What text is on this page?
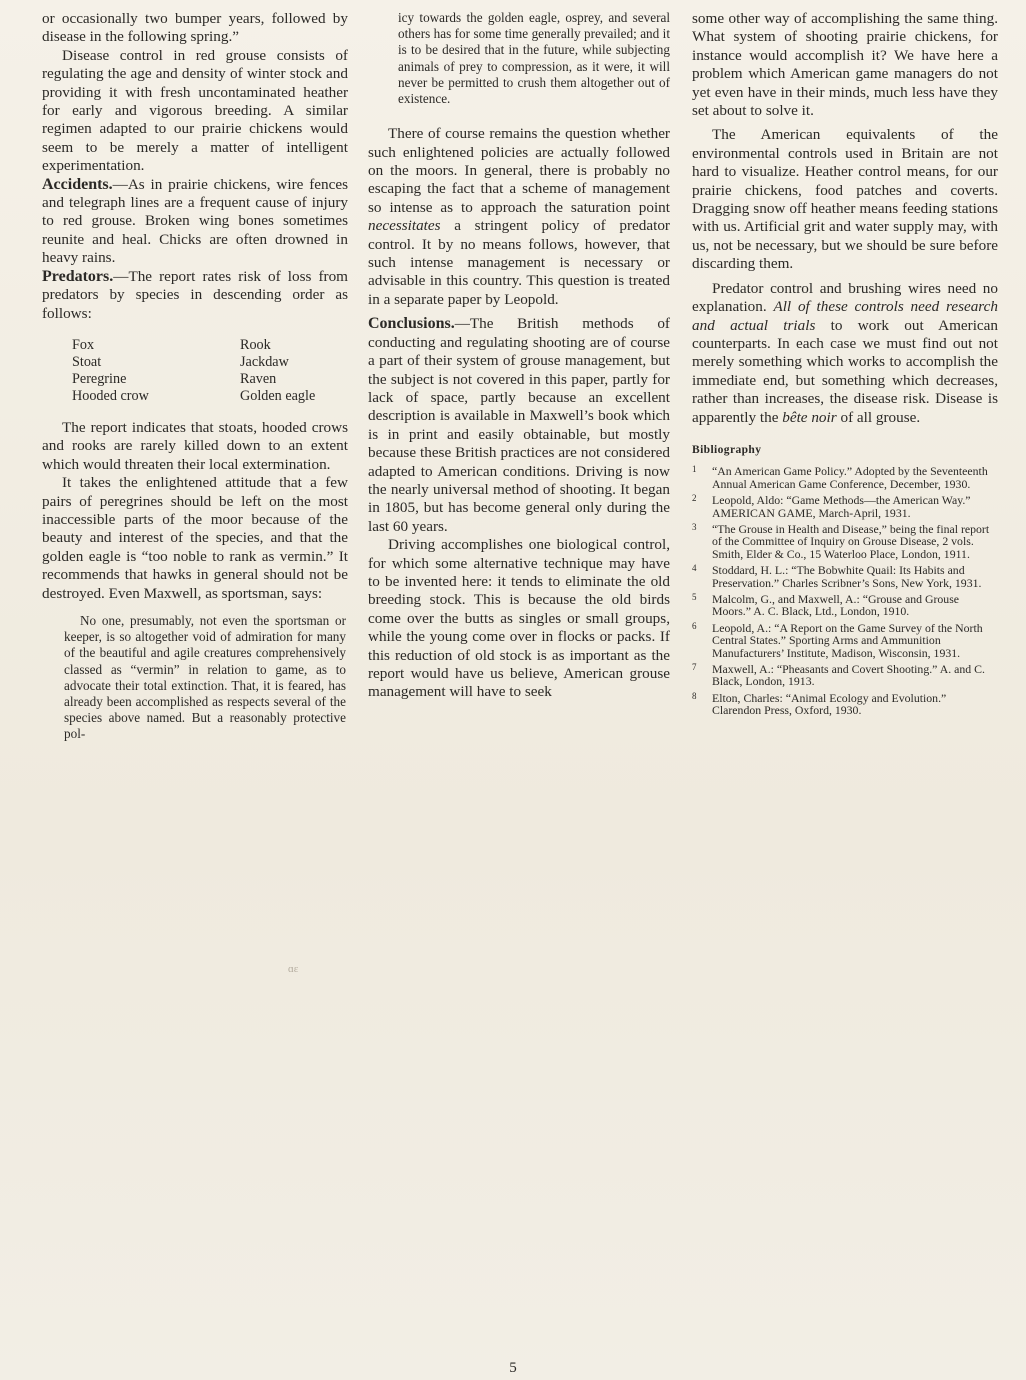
or occasionally two bumper years, followed by disease in the following spring.”

Disease control in red grouse consists of regulating the age and density of winter stock and providing it with fresh uncontaminated heather for early and vigorous breeding. A similar regimen adapted to our prairie chickens would seem to be merely a matter of intelligent experimentation.

Accidents.—As in prairie chickens, wire fences and telegraph lines are a frequent cause of injury to red grouse. Broken wing bones sometimes reunite and heal. Chicks are often drowned in heavy rains.

Predators.—The report rates risk of loss from predators by species in descending order as follows:

Fox	Rook
Stoat	Jackdaw
Peregrine	Raven
Hooded crow	Golden eagle

The report indicates that stoats, hooded crows and rooks are rarely killed down to an extent which would threaten their local extermination.

It takes the enlightened attitude that a few pairs of peregrines should be left on the most inaccessible parts of the moor because of the beauty and interest of the species, and that the golden eagle is “too noble to rank as vermin.” It recommends that hawks in general should not be destroyed. Even Maxwell, as sportsman, says:

No one, presumably, not even the sportsman or keeper, is so altogether void of admiration for many of the beautiful and agile creatures comprehensively classed as “vermin” in relation to game, as to advocate their total extinction. That, it is feared, has already been accomplished as respects several of the species above named. But a reasonably protective pol-

icy towards the golden eagle, osprey, and several others has for some time generally prevailed; and it is to be desired that in the future, while subjecting animals of prey to compression, as it were, it will never be permitted to crush them altogether out of existence.

There of course remains the question whether such enlightened policies are actually followed on the moors. In general, there is probably no escaping the fact that a scheme of management so intense as to approach the saturation point necessitates a stringent policy of predator control. It by no means follows, however, that such intense management is necessary or advisable in this country. This question is treated in a separate paper by Leopold.

Conclusions.—The British methods of conducting and regulating shooting are of course a part of their system of grouse management, but the subject is not covered in this paper, partly for lack of space, partly because an excellent description is available in Maxwell’s book which is in print and easily obtainable, but mostly because these British practices are not considered adapted to American conditions. Driving is now the nearly universal method of shooting. It began in 1805, but has become general only during the last 60 years.

Driving accomplishes one biological control, for which some alternative technique may have to be invented here: it tends to eliminate the old breeding stock. This is because the old birds come over the butts as singles or small groups, while the young come over in flocks or packs. If this reduction of old stock is as important as the report would have us believe, American grouse management will have to seek

some other way of accomplishing the same thing. What system of shooting prairie chickens, for instance would accomplish it? We have here a problem which American game managers do not yet even have in their minds, much less have they set about to solve it.

The American equivalents of the environmental controls used in Britain are not hard to visualize. Heather control means, for our prairie chickens, food patches and coverts. Dragging snow off heather means feeding stations with us. Artificial grit and water supply may, with us, not be necessary, but we should be sure before discarding them.

Predator control and brushing wires need no explanation. All of these controls need research and actual trials to work out American counterparts. In each case we must find out not merely something which works to accomplish the immediate end, but something which decreases, rather than increases, the disease risk. Disease is apparently the bête noir of all grouse.

Bibliography

1 “An American Game Policy.” Adopted by the Seventeenth Annual American Game Conference, December, 1930.
2 Leopold, Aldo: “Game Methods—the American Way.” AMERICAN GAME, March-April, 1931.
3 “The Grouse in Health and Disease,” being the final report of the Committee of Inquiry on Grouse Disease, 2 vols. Smith, Elder & Co., 15 Waterloo Place, London, 1911.
4 Stoddard, H. L.: “The Bobwhite Quail: Its Habits and Preservation.” Charles Scribner’s Sons, New York, 1931.
5 Malcolm, G., and Maxwell, A.: “Grouse and Grouse Moors.” A. C. Black, Ltd., London, 1910.
6 Leopold, A.: “A Report on the Game Survey of the North Central States.” Sporting Arms and Ammunition Manufacturers’ Institute, Madison, Wisconsin, 1931.
7 Maxwell, A.: “Pheasants and Covert Shooting.” A. and C. Black, London, 1913.
8 Elton, Charles: “Animal Ecology and Evolution.” Clarendon Press, Oxford, 1930.
ɑɛ
5
